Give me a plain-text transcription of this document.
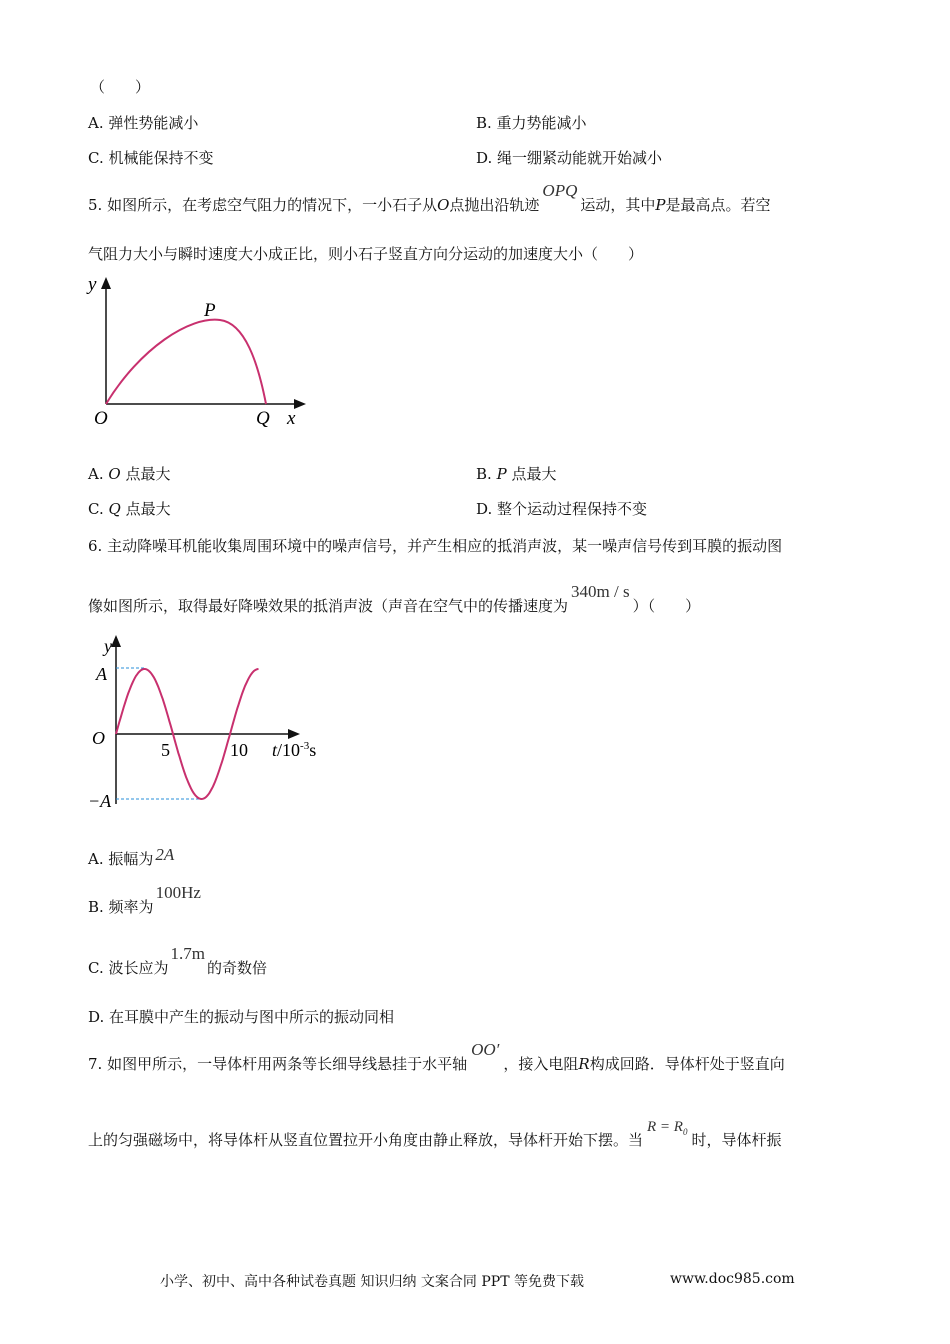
（　　）
A. 弹性势能减小	B. 重力势能减小
C. 机械能保持不变	D. 绳一绷紧动能就开始减小
5. 如图所示，在考虑空气阻力的情况下，一小石子从O点抛出沿轨迹OPQ运动，其中P是最高点。若空
气阻力大小与瞬时速度大小成正比，则小石子竖直方向分运动的加速度大小（　　）
y
O
P
Q x
A. O 点最大	B. P 点最大
C. Q 点最大	D. 整个运动过程保持不变
6. 主动降噪耳机能收集周围环境中的噪声信号，并产生相应的抵消声波，某一噪声信号传到耳膜的振动图
像如图所示，取得最好降噪效果的抵消声波（声音在空气中的传播速度为340m / s）（　　）
y
A
O
−A
5	10 $t/10^{-3}s$
A. 振幅为 2A
B. 频率为100Hz
C. 波长应为1.7m的奇数倍
D. 在耳膜中产生的振动与图中所示的振动同相
7. 如图甲所示，一导体杆用两条等长细导线悬挂于水平轴OO′，接入电阻R构成回路．导体杆处于竖直向
上的匀强磁场中，将导体杆从竖直位置拉开小角度由静止释放，导体杆开始下摆。当$R = R_0$ 时，导体杆振
小学、初中、高中各种试卷真题 知识归纳 文案合同 PPT 等免费下载	www.doc985.com
